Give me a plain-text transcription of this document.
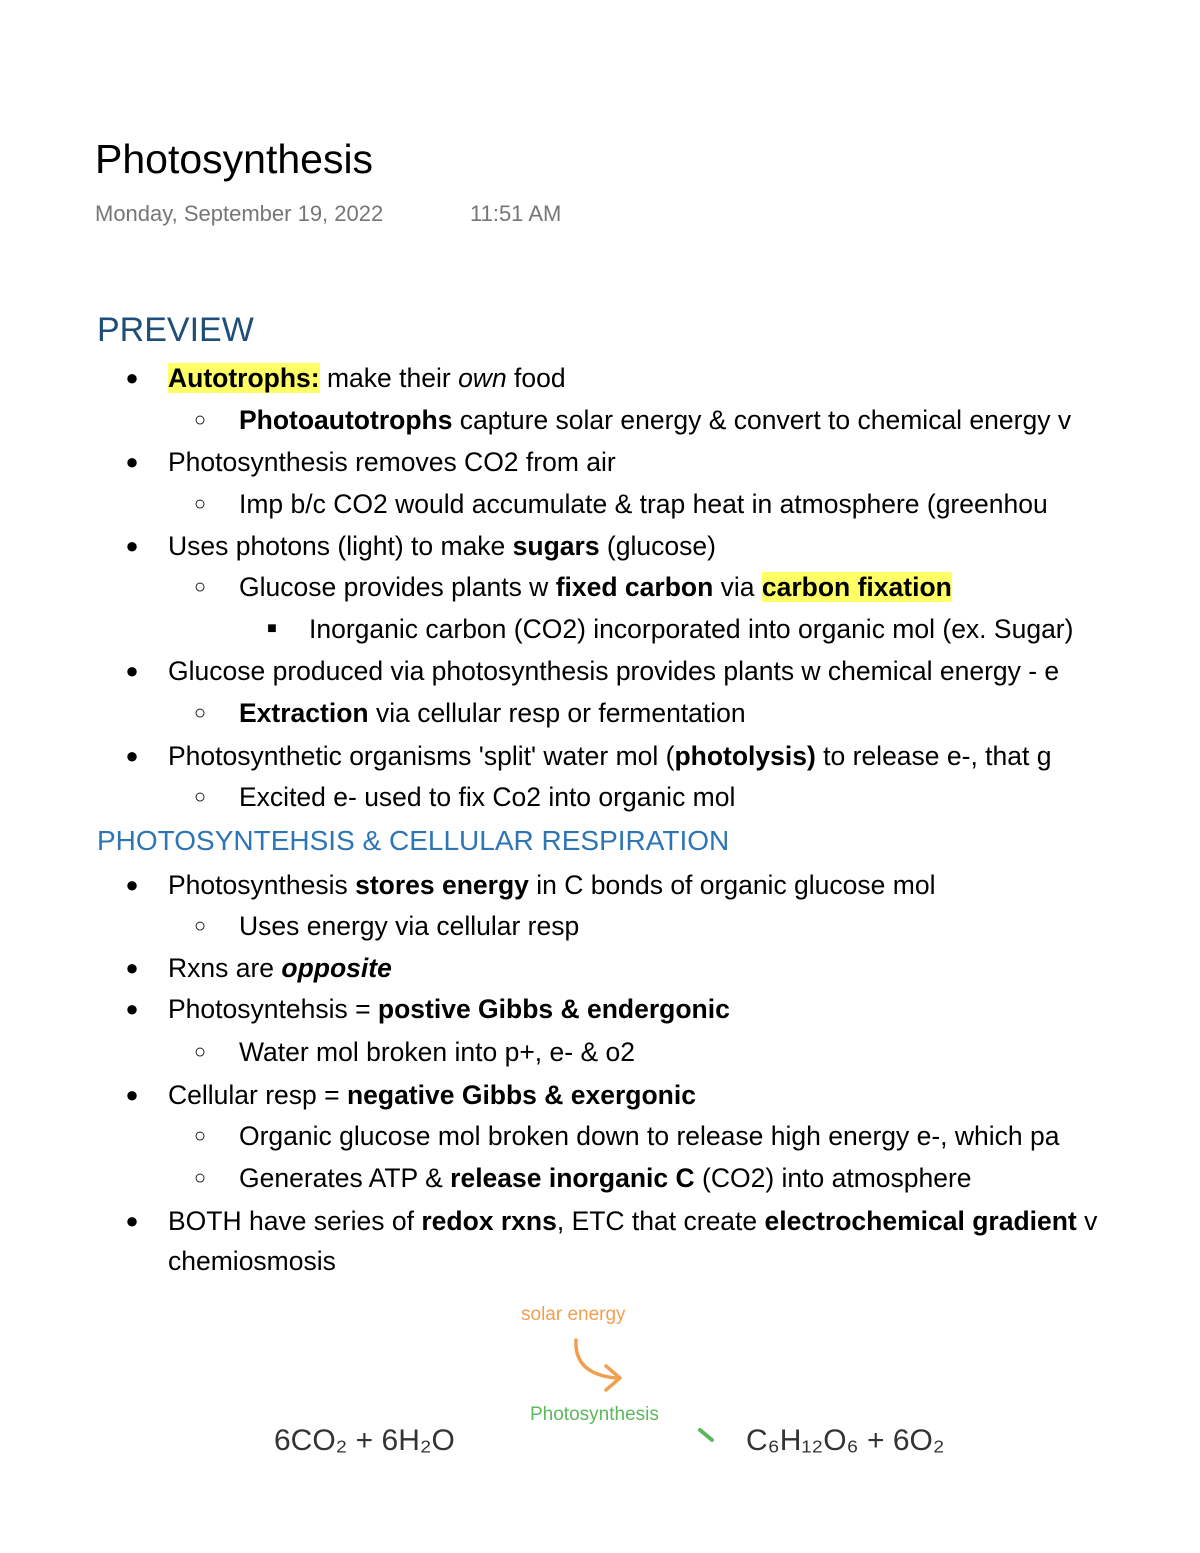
Photosynthesis
Monday, September 19, 2022	11:51 AM
PREVIEW
● Autotrophs: make their own food
○ Photoautotrophs capture solar energy & convert to chemical energy v
● Photosynthesis removes CO2 from air
○ Imp b/c CO2 would accumulate & trap heat in atmosphere (greenhou
● Uses photons (light) to make sugars (glucose)
○ Glucose provides plants w fixed carbon via carbon fixation
■ Inorganic carbon (CO2) incorporated into organic mol (ex. Sugar)
● Glucose produced via photosynthesis provides plants w chemical energy - e
○ Extraction via cellular resp or fermentation
● Photosynthetic organisms 'split' water mol (photolysis) to release e-, that g
○ Excited e- used to fix Co2 into organic mol
PHOTOSYNTEHSIS & CELLULAR RESPIRATION
● Photosynthesis stores energy in C bonds of organic glucose mol
○ Uses energy via cellular resp
● Rxns are opposite
● Photosyntehsis = postive Gibbs & endergonic
○ Water mol broken into p+, e- & o2
● Cellular resp = negative Gibbs & exergonic
○ Organic glucose mol broken down to release high energy e-, which pa
○ Generates ATP & release inorganic C (CO2) into atmosphere
● BOTH have series of redox rxns, ETC that create electrochemical gradient v
chemiosmosis
solar energy
Photosynthesis
6CO₂ + 6H₂O	C₆H₁₂O₆ + 6O₂
